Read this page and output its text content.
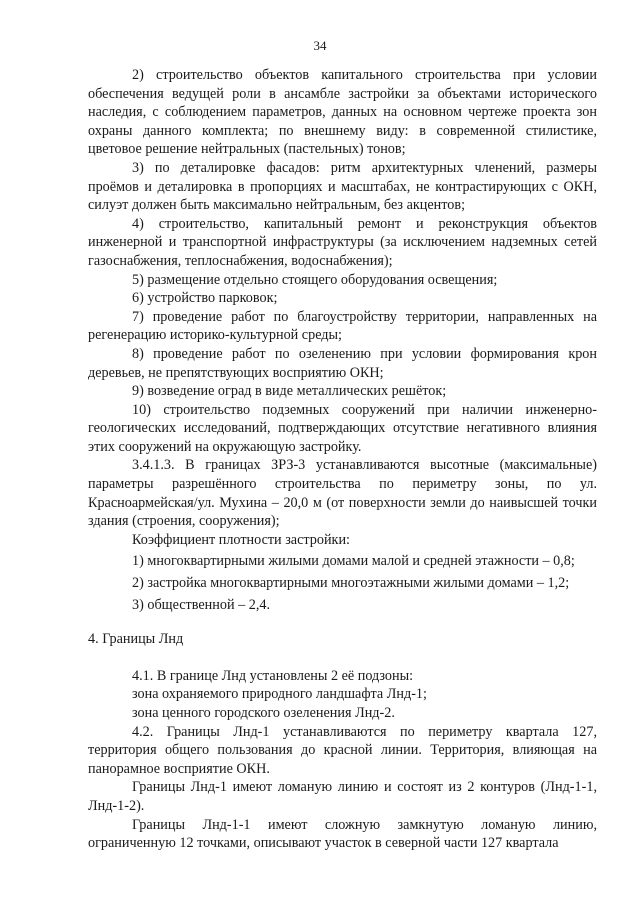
34

2) строительство объектов капитального строительства при условии обеспечения ведущей роли в ансамбле застройки за объектами исторического наследия, с соблюдением параметров, данных на основном чертеже проекта зон охраны данного комплекта; по внешнему виду: в современной стилистике, цветовое решение нейтральных (пастельных) тонов;

3) по деталировке фасадов: ритм архитектурных членений, размеры проёмов и деталировка в пропорциях и масштабах, не контрастирующих с ОКН, силуэт должен быть максимально нейтральным, без акцентов;

4) строительство, капитальный ремонт и реконструкция объектов инженерной и транспортной инфраструктуры (за исключением надземных сетей газоснабжения, теплоснабжения, водоснабжения);

5) размещение отдельно стоящего оборудования освещения;

6) устройство парковок;

7) проведение работ по благоустройству территории, направленных на регенерацию историко-культурной среды;

8) проведение работ по озеленению при условии формирования крон деревьев, не препятствующих восприятию ОКН;

9) возведение оград в виде металлических решёток;

10) строительство подземных сооружений при наличии инженерно-геологических исследований, подтверждающих отсутствие негативного влияния этих сооружений на окружающую застройку.

3.4.1.3. В границах ЗРЗ-3 устанавливаются высотные (максимальные) параметры разрешённого строительства по периметру зоны, по ул. Красноармейская/ул. Мухина – 20,0 м (от поверхности земли до наивысшей точки здания (строения, сооружения);

Коэффициент плотности застройки:

1) многоквартирными жилыми домами малой и средней этажности – 0,8;

2) застройка многоквартирными многоэтажными жилыми домами – 1,2;

3) общественной – 2,4.

4. Границы Лнд

4.1. В границе Лнд установлены 2 её подзоны:

зона охраняемого природного ландшафта Лнд-1;

зона ценного городского озеленения Лнд-2.

4.2. Границы Лнд-1 устанавливаются по периметру квартала 127, территория общего пользования до красной линии. Территория, влияющая на панорамное восприятие ОКН.

Границы Лнд-1 имеют ломаную линию и состоят из 2 контуров (Лнд-1-1, Лнд-1-2).

Границы Лнд-1-1 имеют сложную замкнутую ломаную линию, ограниченную 12 точками, описывают участок в северной части 127 квартала
